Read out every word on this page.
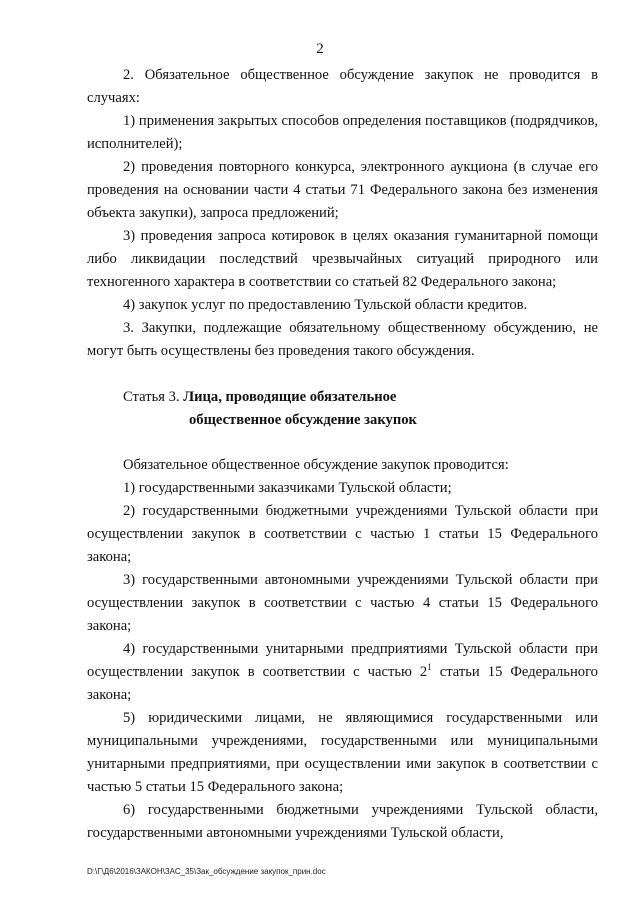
2

2. Обязательное общественное обсуждение закупок не проводится в случаях:

1) применения закрытых способов определения поставщиков (подрядчиков, исполнителей);

2) проведения повторного конкурса, электронного аукциона (в случае его проведения на основании части 4 статьи 71 Федерального закона без изменения объекта закупки), запроса предложений;

3) проведения запроса котировок в целях оказания гуманитарной помощи либо ликвидации последствий чрезвычайных ситуаций природного или техногенного характера в соответствии со статьей 82 Федерального закона;

4) закупок услуг по предоставлению Тульской области кредитов.

3. Закупки, подлежащие обязательному общественному обсуждению, не могут быть осуществлены без проведения такого обсуждения.

Статья 3. Лица, проводящие обязательное

общественное обсуждение закупок

Обязательное общественное обсуждение закупок проводится:

1) государственными заказчиками Тульской области;

2) государственными бюджетными учреждениями Тульской области при осуществлении закупок в соответствии с частью 1 статьи 15 Федерального закона;

3) государственными автономными учреждениями Тульской области при осуществлении закупок в соответствии с частью 4 статьи 15 Федерального закона;

4) государственными унитарными предприятиями Тульской области при осуществлении закупок в соответствии с частью $2^1$ статьи 15 Федерального закона;

5) юридическими лицами, не являющимися государственными или муниципальными учреждениями, государственными или муниципальными унитарными предприятиями, при осуществлении ими закупок в соответствии с частью 5 статьи 15 Федерального закона;

6) государственными бюджетными учреждениями Тульской области, государственными автономными учреждениями Тульской области,

D:\Г\Д6\2016\ЗАКОН\ЗАС_35\Зак_обсуждение закупок_прин.doc
